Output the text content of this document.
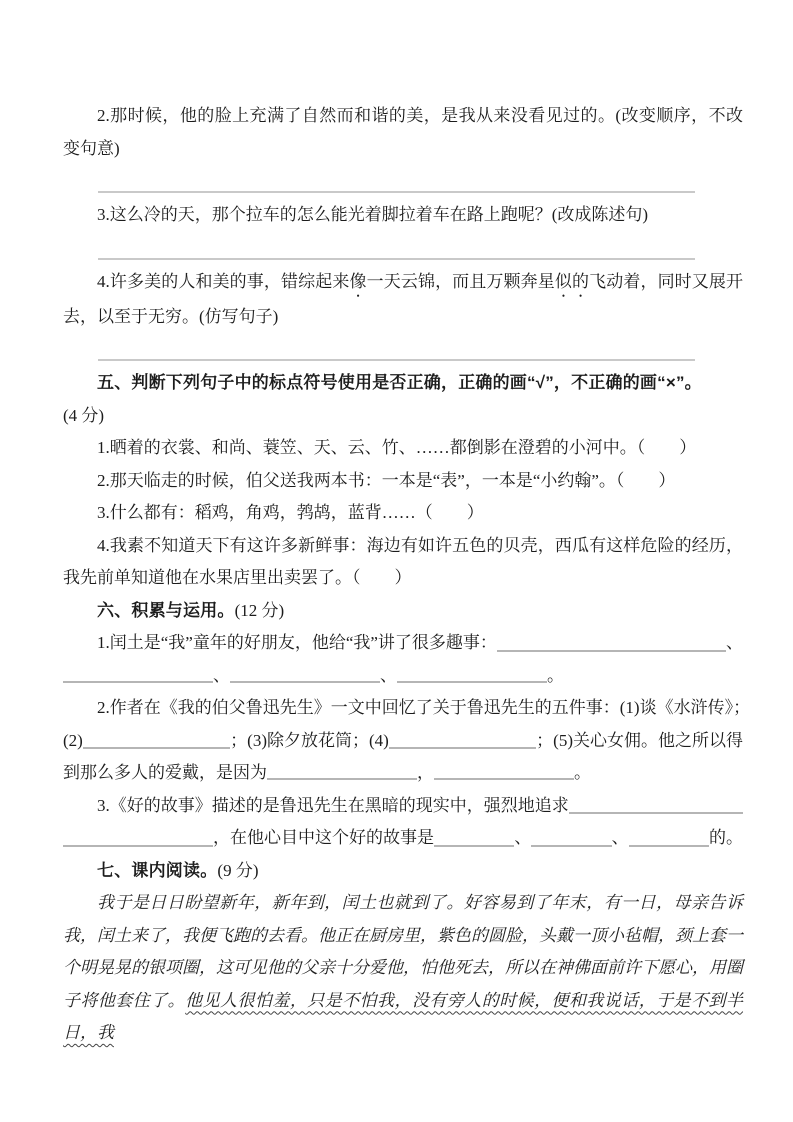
2.那时候，他的脸上充满了自然而和谐的美，是我从来没看见过的。(改变顺序，不改变句意)

3.这么冷的天，那个拉车的怎么能光着脚拉着车在路上跑呢？(改成陈述句)

4.许多美的人和美的事，错综起来像一天云锦，而且万颗奔星似的飞动着，同时又展开去，以至于无穷。(仿写句子)

五、判断下列句子中的标点符号使用是否正确，正确的画“√”，不正确的画“×”。
(4 分)

1.晒着的衣裳、和尚、蓑笠、天、云、竹、……都倒影在澄碧的小河中。（　　）

2.那天临走的时候，伯父送我两本书：一本是“表”，一本是“小约翰”。（　　）

3.什么都有：稻鸡，角鸡，鹁鸪，蓝背……（　　）

4.我素不知道天下有这许多新鲜事：海边有如许五色的贝壳，西瓜有这样危险的经历，我先前单知道他在水果店里出卖罢了。（　　）

六、积累与运用。(12 分)
1.闰土是“我”童年的好朋友，他给“我”讲了很多趣事：	、
、	、	。
2.作者在《我的伯父鲁迅先生》一文中回忆了关于鲁迅先生的五件事：(1)谈《水浒传》；
(2)	；(3)除夕放花筒；(4)	；(5)关心女佣。他之所以得
到那么多人的爱戴，是因为	，	。
3.《好的故事》描述的是鲁迅先生在黑暗的现实中，强烈地追求
，在他心目中这个好的故事是	、	、	的。
七、课内阅读。(9 分)

我于是日日盼望新年，新年到，闰土也就到了。好容易到了年末，有一日，母亲告诉我，闰土来了，我便飞跑的去看。他正在厨房里，紫色的圆脸，头戴一顶小毡帽，颈上套一个明晃晃的银项圈，这可见他的父亲十分爱他，怕他死去，所以在神佛面前许下愿心，用圈子将他套住了。他见人很怕羞，只是不怕我，没有旁人的时候，便和我说话，于是不到半日，我
